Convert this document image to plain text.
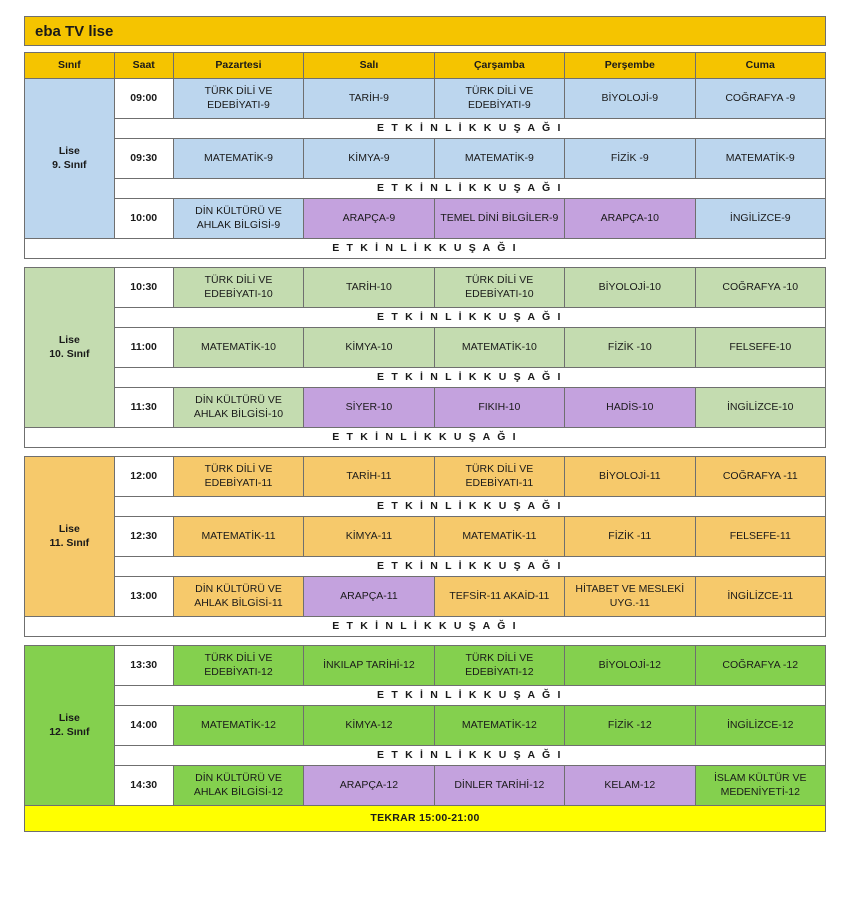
eba TV lise
Sınıf	Saat	Pazartesi	Salı	Çarşamba	Perşembe	Cuma

Lise
9. Sınıf	09:00	TÜRK DİLİ VE EDEBİYATI-9	TARİH-9	TÜRK DİLİ VE EDEBİYATI-9	BİYOLOJİ-9	COĞRAFYA -9
	E T K İ N L İ K K U Ş A Ğ I					
	09:30	MATEMATİK-9	KİMYA-9	MATEMATİK-9	FİZİK -9	MATEMATİK-9
	E T K İ N L İ K K U Ş A Ğ I					
	10:00	DİN KÜLTÜRÜ VE AHLAK BİLGİSİ-9	ARAPÇA-9	TEMEL DİNİ BİLGİLER-9	ARAPÇA-10	İNGİLİZCE-9
E T K İ N L İ K K U Ş A Ğ I						

Lise
10. Sınıf	10:30	TÜRK DİLİ VE EDEBİYATI-10	TARİH-10	TÜRK DİLİ VE EDEBİYATI-10	BİYOLOJİ-10	COĞRAFYA -10
	E T K İ N L İ K K U Ş A Ğ I					
	11:00	MATEMATİK-10	KİMYA-10	MATEMATİK-10	FİZİK -10	FELSEFE-10
	E T K İ N L İ K K U Ş A Ğ I					
	11:30	DİN KÜLTÜRÜ VE AHLAK BİLGİSİ-10	SİYER-10	FIKIH-10	HADİS-10	İNGİLİZCE-10
E T K İ N L İ K K U Ş A Ğ I						

Lise
11. Sınıf	12:00	TÜRK DİLİ VE EDEBİYATI-11	TARİH-11	TÜRK DİLİ VE EDEBİYATI-11	BİYOLOJİ-11	COĞRAFYA -11
	E T K İ N L İ K K U Ş A Ğ I					
	12:30	MATEMATİK-11	KİMYA-11	MATEMATİK-11	FİZİK -11	FELSEFE-11
	E T K İ N L İ K K U Ş A Ğ I					
	13:00	DİN KÜLTÜRÜ VE AHLAK BİLGİSİ-11	ARAPÇA-11	TEFSİR-11 AKAİD-11	HİTABET VE MESLEKİ UYG.-11	İNGİLİZCE-11
E T K İ N L İ K K U Ş A Ğ I						

Lise
12. Sınıf	13:30	TÜRK DİLİ VE EDEBİYATI-12	İNKILAP TARİHİ-12	TÜRK DİLİ VE EDEBİYATI-12	BİYOLOJİ-12	COĞRAFYA -12
	E T K İ N L İ K K U Ş A Ğ I					
	14:00	MATEMATİK-12	KİMYA-12	MATEMATİK-12	FİZİK -12	İNGİLİZCE-12
	E T K İ N L İ K K U Ş A Ğ I					
	14:30	DİN KÜLTÜRÜ VE AHLAK BİLGİSİ-12	ARAPÇA-12	DİNLER TARİHİ-12	KELAM-12	İSLAM KÜLTÜR VE MEDENİYETİ-12
TEKRAR 15:00-21:00						
